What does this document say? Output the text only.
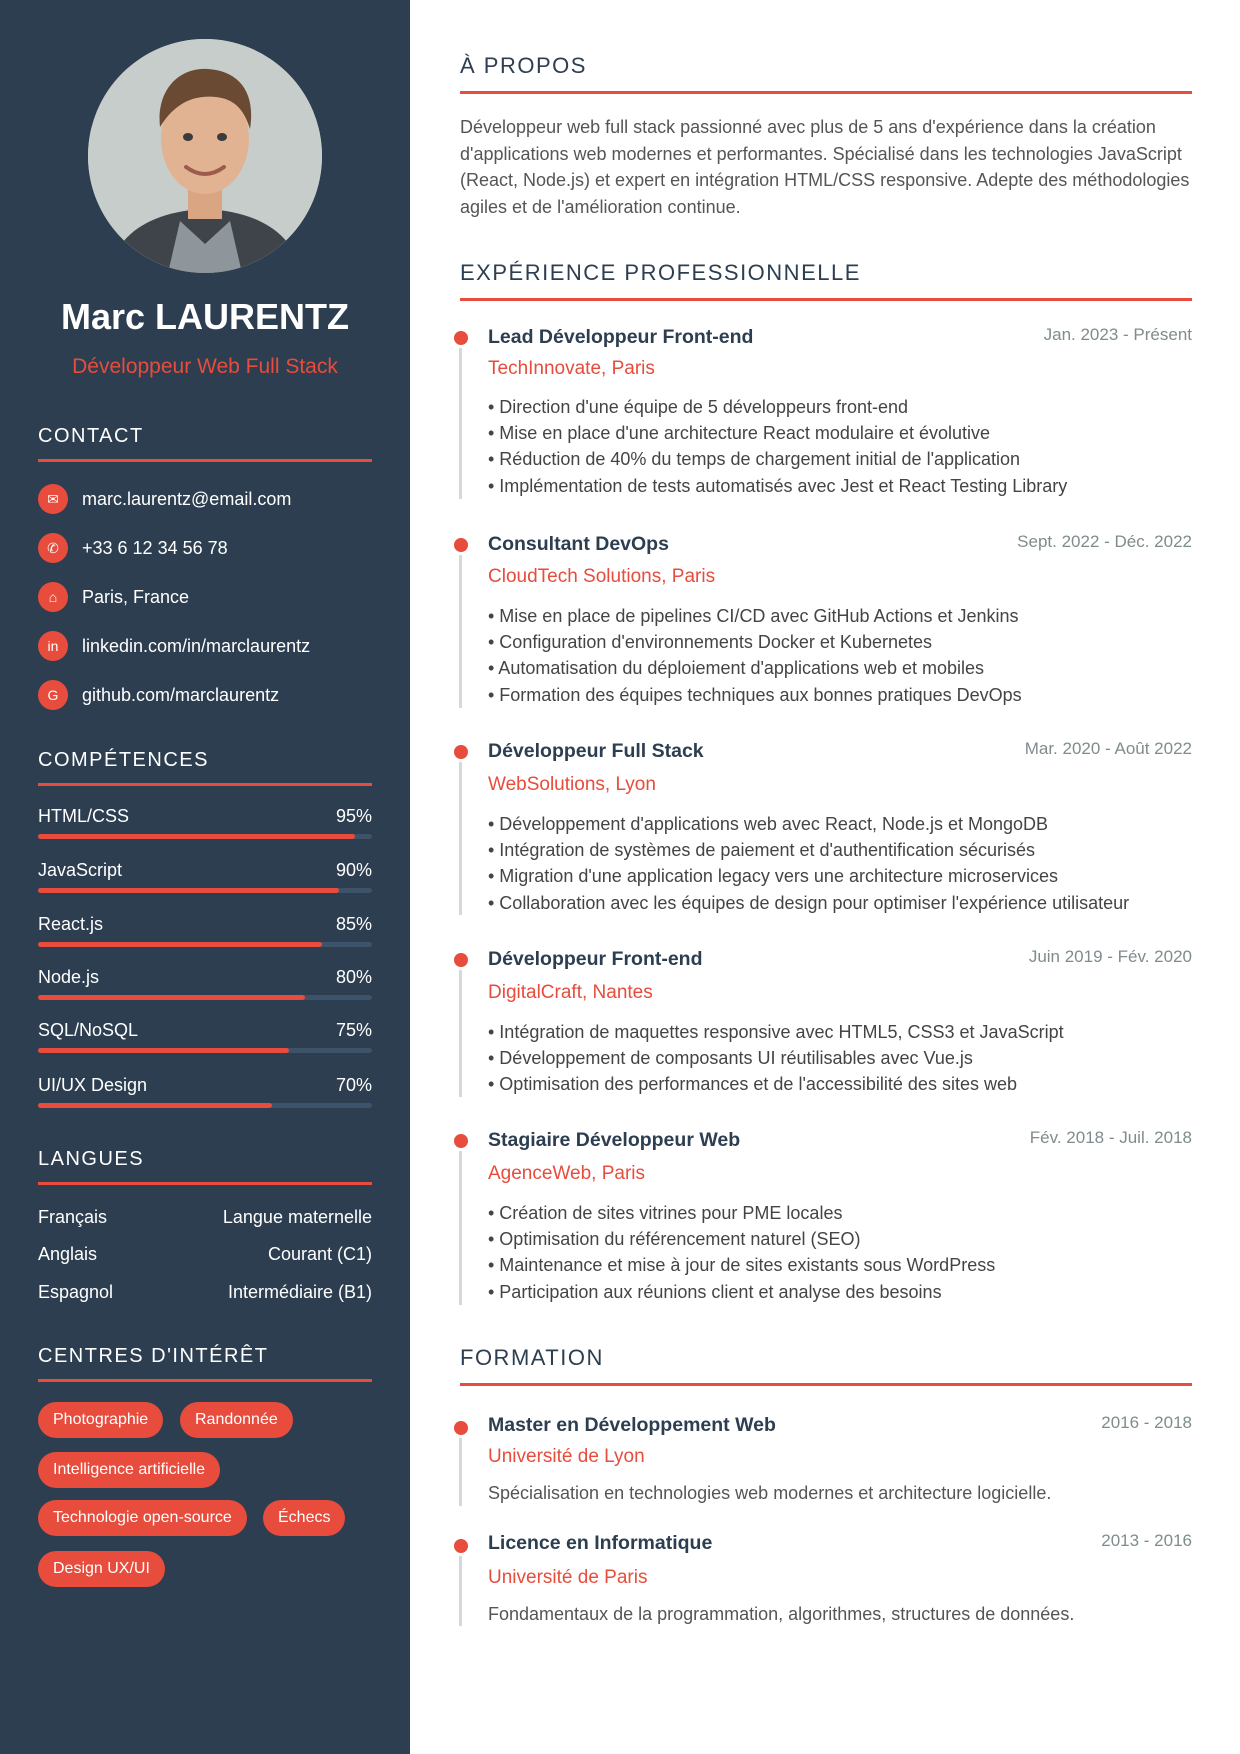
Marc LAURENTZ
Développeur Web Full Stack
CONTACT
✉	marc.laurentz@email.com
✆	+33 6 12 34 56 78
⌂	Paris, France
in	linkedin.com/in/marclaurentz
G	github.com/marclaurentz
COMPÉTENCES
HTML/CSS	95%
JavaScript	90%
React.js	85%
Node.js	80%
SQL/NoSQL	75%
UI/UX Design	70%
LANGUES
Français	Langue maternelle
Anglais	Courant (C1)
Espagnol	Intermédiaire (B1)
CENTRES D'INTÉRÊT
Photographie	Randonnée
Intelligence artificielle
Technologie open-source	Échecs
Design UX/UI
À PROPOS

Développeur web full stack passionné avec plus de 5 ans d'expérience dans la création d'applications web modernes et performantes. Spécialisé dans les technologies JavaScript (React, Node.js) et expert en intégration HTML/CSS responsive. Adepte des méthodologies agiles et de l'amélioration continue.

EXPÉRIENCE PROFESSIONNELLE
Lead Développeur Front-end	Jan. 2023 - Présent
TechInnovate, Paris
• Direction d'une équipe de 5 développeurs front-end
• Mise en place d'une architecture React modulaire et évolutive
• Réduction de 40% du temps de chargement initial de l'application
• Implémentation de tests automatisés avec Jest et React Testing Library
Consultant DevOps	Sept. 2022 - Déc. 2022
CloudTech Solutions, Paris
• Mise en place de pipelines CI/CD avec GitHub Actions et Jenkins
• Configuration d'environnements Docker et Kubernetes
• Automatisation du déploiement d'applications web et mobiles
• Formation des équipes techniques aux bonnes pratiques DevOps
Développeur Full Stack	Mar. 2020 - Août 2022
WebSolutions, Lyon
• Développement d'applications web avec React, Node.js et MongoDB
• Intégration de systèmes de paiement et d'authentification sécurisés
• Migration d'une application legacy vers une architecture microservices
• Collaboration avec les équipes de design pour optimiser l'expérience utilisateur
Développeur Front-end	Juin 2019 - Fév. 2020
DigitalCraft, Nantes
• Intégration de maquettes responsive avec HTML5, CSS3 et JavaScript
• Développement de composants UI réutilisables avec Vue.js
• Optimisation des performances et de l'accessibilité des sites web
Stagiaire Développeur Web	Fév. 2018 - Juil. 2018
AgenceWeb, Paris
• Création de sites vitrines pour PME locales
• Optimisation du référencement naturel (SEO)
• Maintenance et mise à jour de sites existants sous WordPress
• Participation aux réunions client et analyse des besoins
FORMATION
Master en Développement Web	2016 - 2018
Université de Lyon
Spécialisation en technologies web modernes et architecture logicielle.
Licence en Informatique	2013 - 2016
Université de Paris
Fondamentaux de la programmation, algorithmes, structures de données.
